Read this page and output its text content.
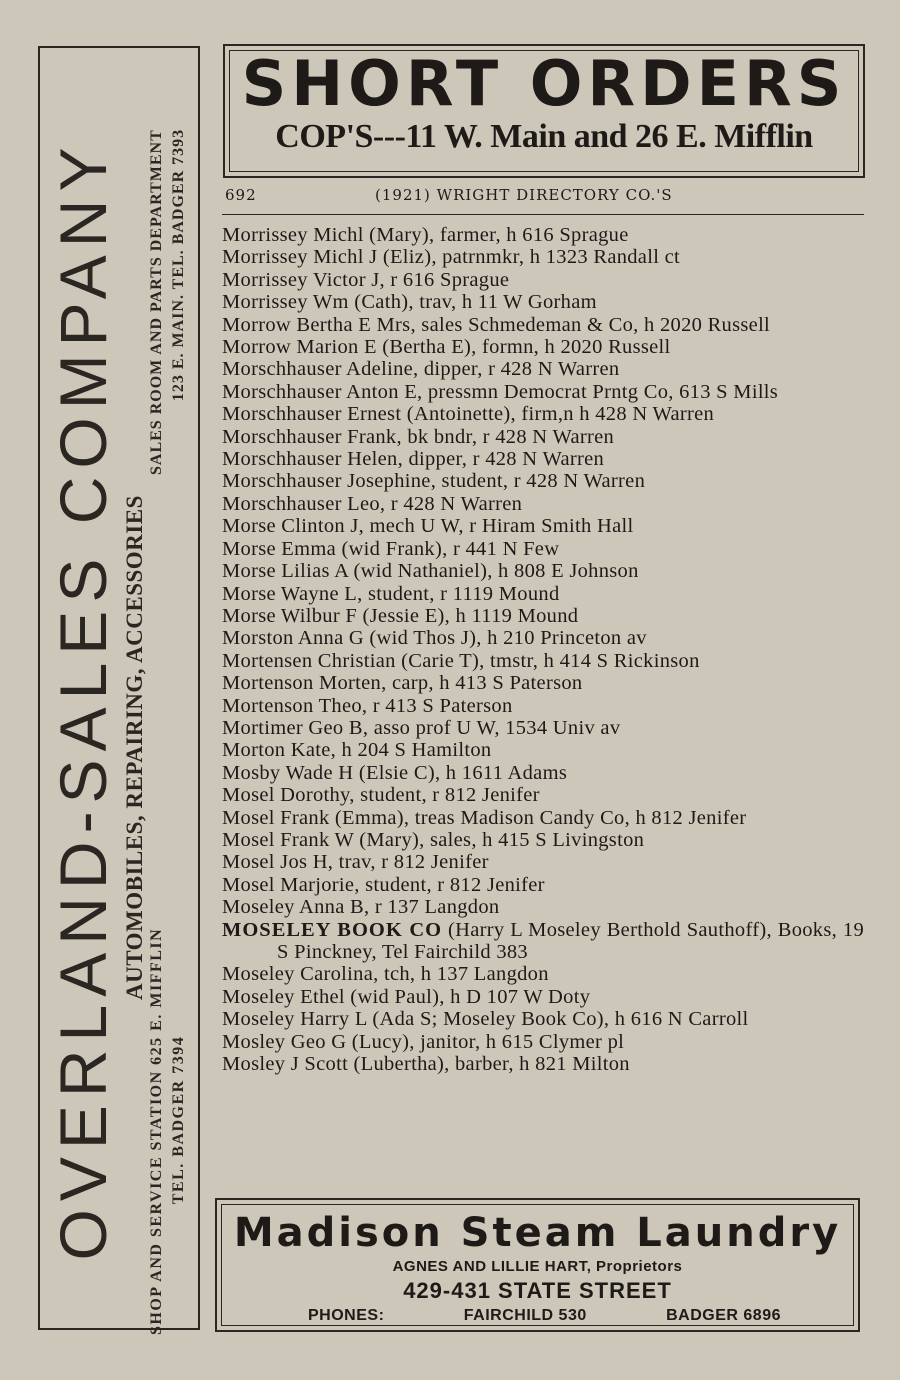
OVERLAND-SALES COMPANY AUTOMOBILES, REPAIRING, ACCESSORIES
SHOP AND SERVICE STATION 625 E. MIFFLIN TEL. BADGER 7394
SALES ROOM AND PARTS DEPARTMENT 123 E. MAIN. TEL. BADGER 7393
SHORT ORDERS
COP'S---11 W. Main and 26 E. Mifflin
692	(1921) WRIGHT DIRECTORY CO.'S
Morrissey Michl (Mary), farmer, h 616 Sprague
Morrissey Michl J (Eliz), patrnmkr, h 1323 Randall ct
Morrissey Victor J, r 616 Sprague
Morrissey Wm (Cath), trav, h 11 W Gorham
Morrow Bertha E Mrs, sales Schmedeman & Co, h 2020 Russell
Morrow Marion E (Bertha E), formn, h 2020 Russell
Morschhauser Adeline, dipper, r 428 N Warren
Morschhauser Anton E, pressmn Democrat Prntg Co, 613 S Mills
Morschhauser Ernest (Antoinette), firm,n h 428 N Warren
Morschhauser Frank, bk bndr, r 428 N Warren
Morschhauser Helen, dipper, r 428 N Warren
Morschhauser Josephine, student, r 428 N Warren
Morschhauser Leo, r 428 N Warren
Morse Clinton J, mech U W, r Hiram Smith Hall
Morse Emma (wid Frank), r 441 N Few
Morse Lilias A (wid Nathaniel), h 808 E Johnson
Morse Wayne L, student, r 1119 Mound
Morse Wilbur F (Jessie E), h 1119 Mound
Morston Anna G (wid Thos J), h 210 Princeton av
Mortensen Christian (Carie T), tmstr, h 414 S Rickinson
Mortenson Morten, carp, h 413 S Paterson
Mortenson Theo, r 413 S Paterson
Mortimer Geo B, asso prof U W, 1534 Univ av
Morton Kate, h 204 S Hamilton
Mosby Wade H (Elsie C), h 1611 Adams
Mosel Dorothy, student, r 812 Jenifer
Mosel Frank (Emma), treas Madison Candy Co, h 812 Jenifer
Mosel Frank W (Mary), sales, h 415 S Livingston
Mosel Jos H, trav, r 812 Jenifer
Mosel Marjorie, student, r 812 Jenifer
Moseley Anna B, r 137 Langdon
MOSELEY BOOK CO (Harry L Moseley Berthold Sauthoff), Books, 19 S Pinckney, Tel Fairchild 383
Moseley Carolina, tch, h 137 Langdon
Moseley Ethel (wid Paul), h D 107 W Doty
Moseley Harry L (Ada S; Moseley Book Co), h 616 N Carroll
Mosley Geo G (Lucy), janitor, h 615 Clymer pl
Mosley J Scott (Lubertha), barber, h 821 Milton
Madison Steam Laundry
AGNES AND LILLIE HART, Proprietors
429-431 STATE STREET
PHONES:	FAIRCHILD 530	BADGER 6896
